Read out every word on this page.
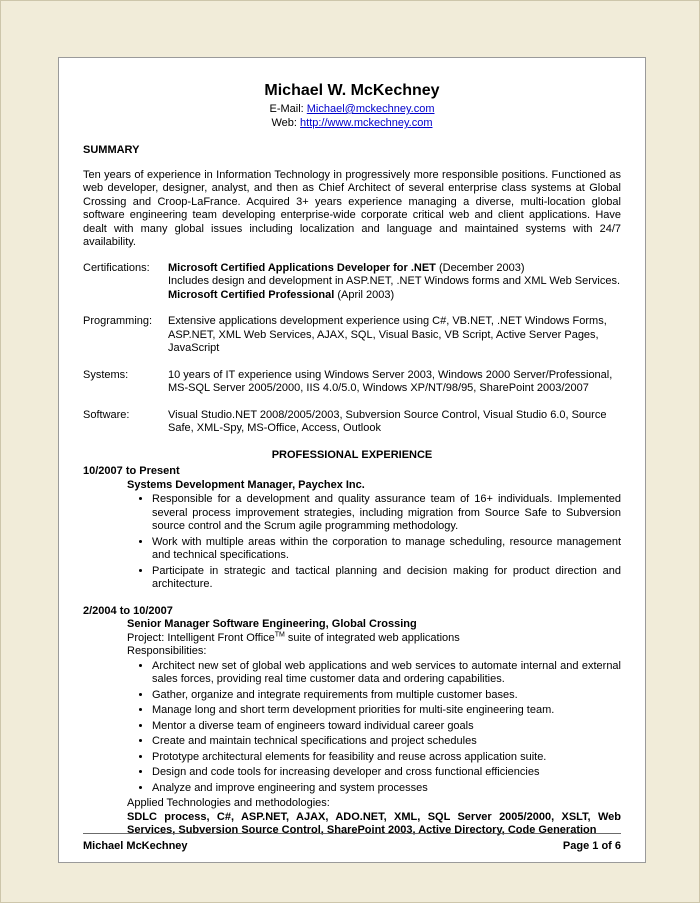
Michael W. McKechney
E-Mail: Michael@mckechney.com
Web: http://www.mckechney.com
SUMMARY
Ten years of experience in Information Technology in progressively more responsible positions. Functioned as web developer, designer, analyst, and then as Chief Architect of several enterprise class systems at Global Crossing and Croop-LaFrance. Acquired 3+ years experience managing a diverse, multi-location global software engineering team developing enterprise-wide corporate critical web and client applications. Have dealt with many global issues including localization and language and maintained systems with 24/7 availability.
Certifications:	Microsoft Certified Applications Developer for .NET (December 2003)
Includes design and development in ASP.NET, .NET Windows forms and XML Web Services.
Microsoft Certified Professional (April 2003)
Programming:	Extensive applications development experience using C#, VB.NET, .NET Windows Forms, ASP.NET, XML Web Services, AJAX, SQL, Visual Basic, VB Script, Active Server Pages, JavaScript
Systems:	10 years of IT experience using Windows Server 2003, Windows 2000 Server/Professional, MS-SQL Server 2005/2000, IIS 4.0/5.0, Windows XP/NT/98/95, SharePoint 2003/2007
Software:	Visual Studio.NET 2008/2005/2003, Subversion Source Control, Visual Studio 6.0, Source Safe, XML-Spy, MS-Office, Access, Outlook
PROFESSIONAL EXPERIENCE
10/2007 to Present
Systems Development Manager, Paychex Inc.
• Responsible for a development and quality assurance team of 16+ individuals. Implemented several process improvement strategies, including migration from Source Safe to Subversion source control and the Scrum agile programming methodology.
• Work with multiple areas within the corporation to manage scheduling, resource management and technical specifications.
• Participate in strategic and tactical planning and decision making for product direction and architecture.
2/2004 to 10/2007
Senior Manager Software Engineering, Global Crossing
Project: Intelligent Front Office™ suite of integrated web applications
Responsibilities:
• Architect new set of global web applications and web services to automate internal and external sales forces, providing real time customer data and ordering capabilities.
• Gather, organize and integrate requirements from multiple customer bases.
• Manage long and short term development priorities for multi-site engineering team.
• Mentor a diverse team of engineers toward individual career goals
• Create and maintain technical specifications and project schedules
• Prototype architectural elements for feasibility and reuse across application suite.
• Design and code tools for increasing developer and cross functional efficiencies
• Analyze and improve engineering and system processes
Applied Technologies and methodologies:
SDLC process, C#, ASP.NET, AJAX, ADO.NET, XML, SQL Server 2005/2000, XSLT, Web Services, Subversion Source Control, SharePoint 2003, Active Directory, Code Generation
Michael McKechney	Page 1 of 6
